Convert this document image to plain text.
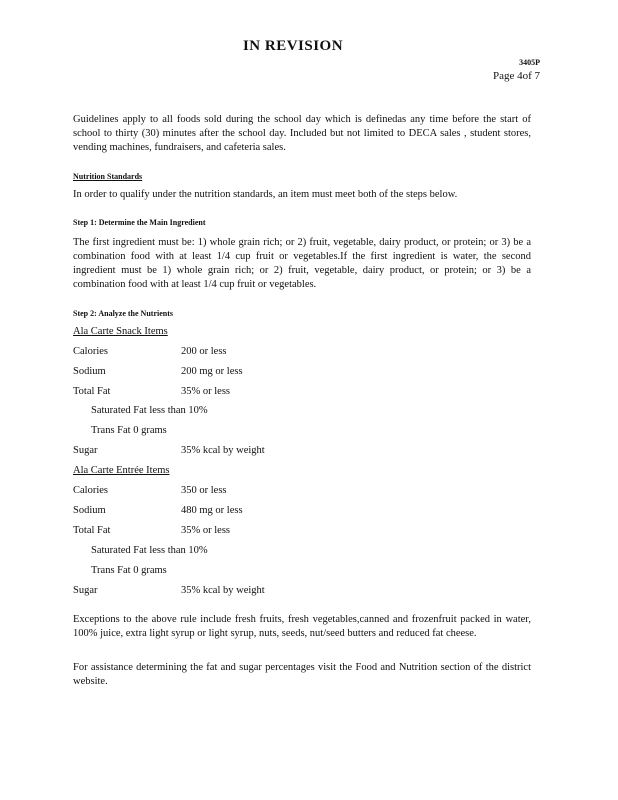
IN REVISION
3405P
Page 4of 7

Guidelines apply to all foods sold during the school day which is definedas any time before the start of school to thirty (30) minutes after the school day. Included but not limited to DECA sales , student stores, vending machines, fundraisers, and cafeteria sales.

Nutrition Standards

In order to qualify under the nutrition standards, an item must meet both of the steps below.

Step 1: Determine the Main Ingredient

The first ingredient must be: 1) whole grain rich; or 2) fruit, vegetable, dairy product, or protein; or 3) be a combination food with at least 1/4 cup fruit or vegetables.If the first ingredient is water, the second ingredient must be 1) whole grain rich; or 2) fruit, vegetable, dairy product, or protein; or 3) be a combination food with at least 1/4 cup fruit or vegetables.

Step 2: Analyze the Nutrients
Ala Carte Snack Items
Calories	200 or less
Sodium	200 mg or less
Total Fat	35% or less
Saturated Fat less than 10%
Trans Fat 0 grams
Sugar	35% kcal by weight
Ala Carte Entrée Items
Calories	350 or less
Sodium	480 mg or less
Total Fat	35% or less
Saturated Fat less than 10%
Trans Fat 0 grams
Sugar	35% kcal by weight

Exceptions to the above rule include fresh fruits, fresh vegetables,canned and frozenfruit packed in water, 100% juice, extra light syrup or light syrup, nuts, seeds, nut/seed butters and reduced fat cheese.

For assistance determining the fat and sugar percentages visit the Food and Nutrition section of the district website.
